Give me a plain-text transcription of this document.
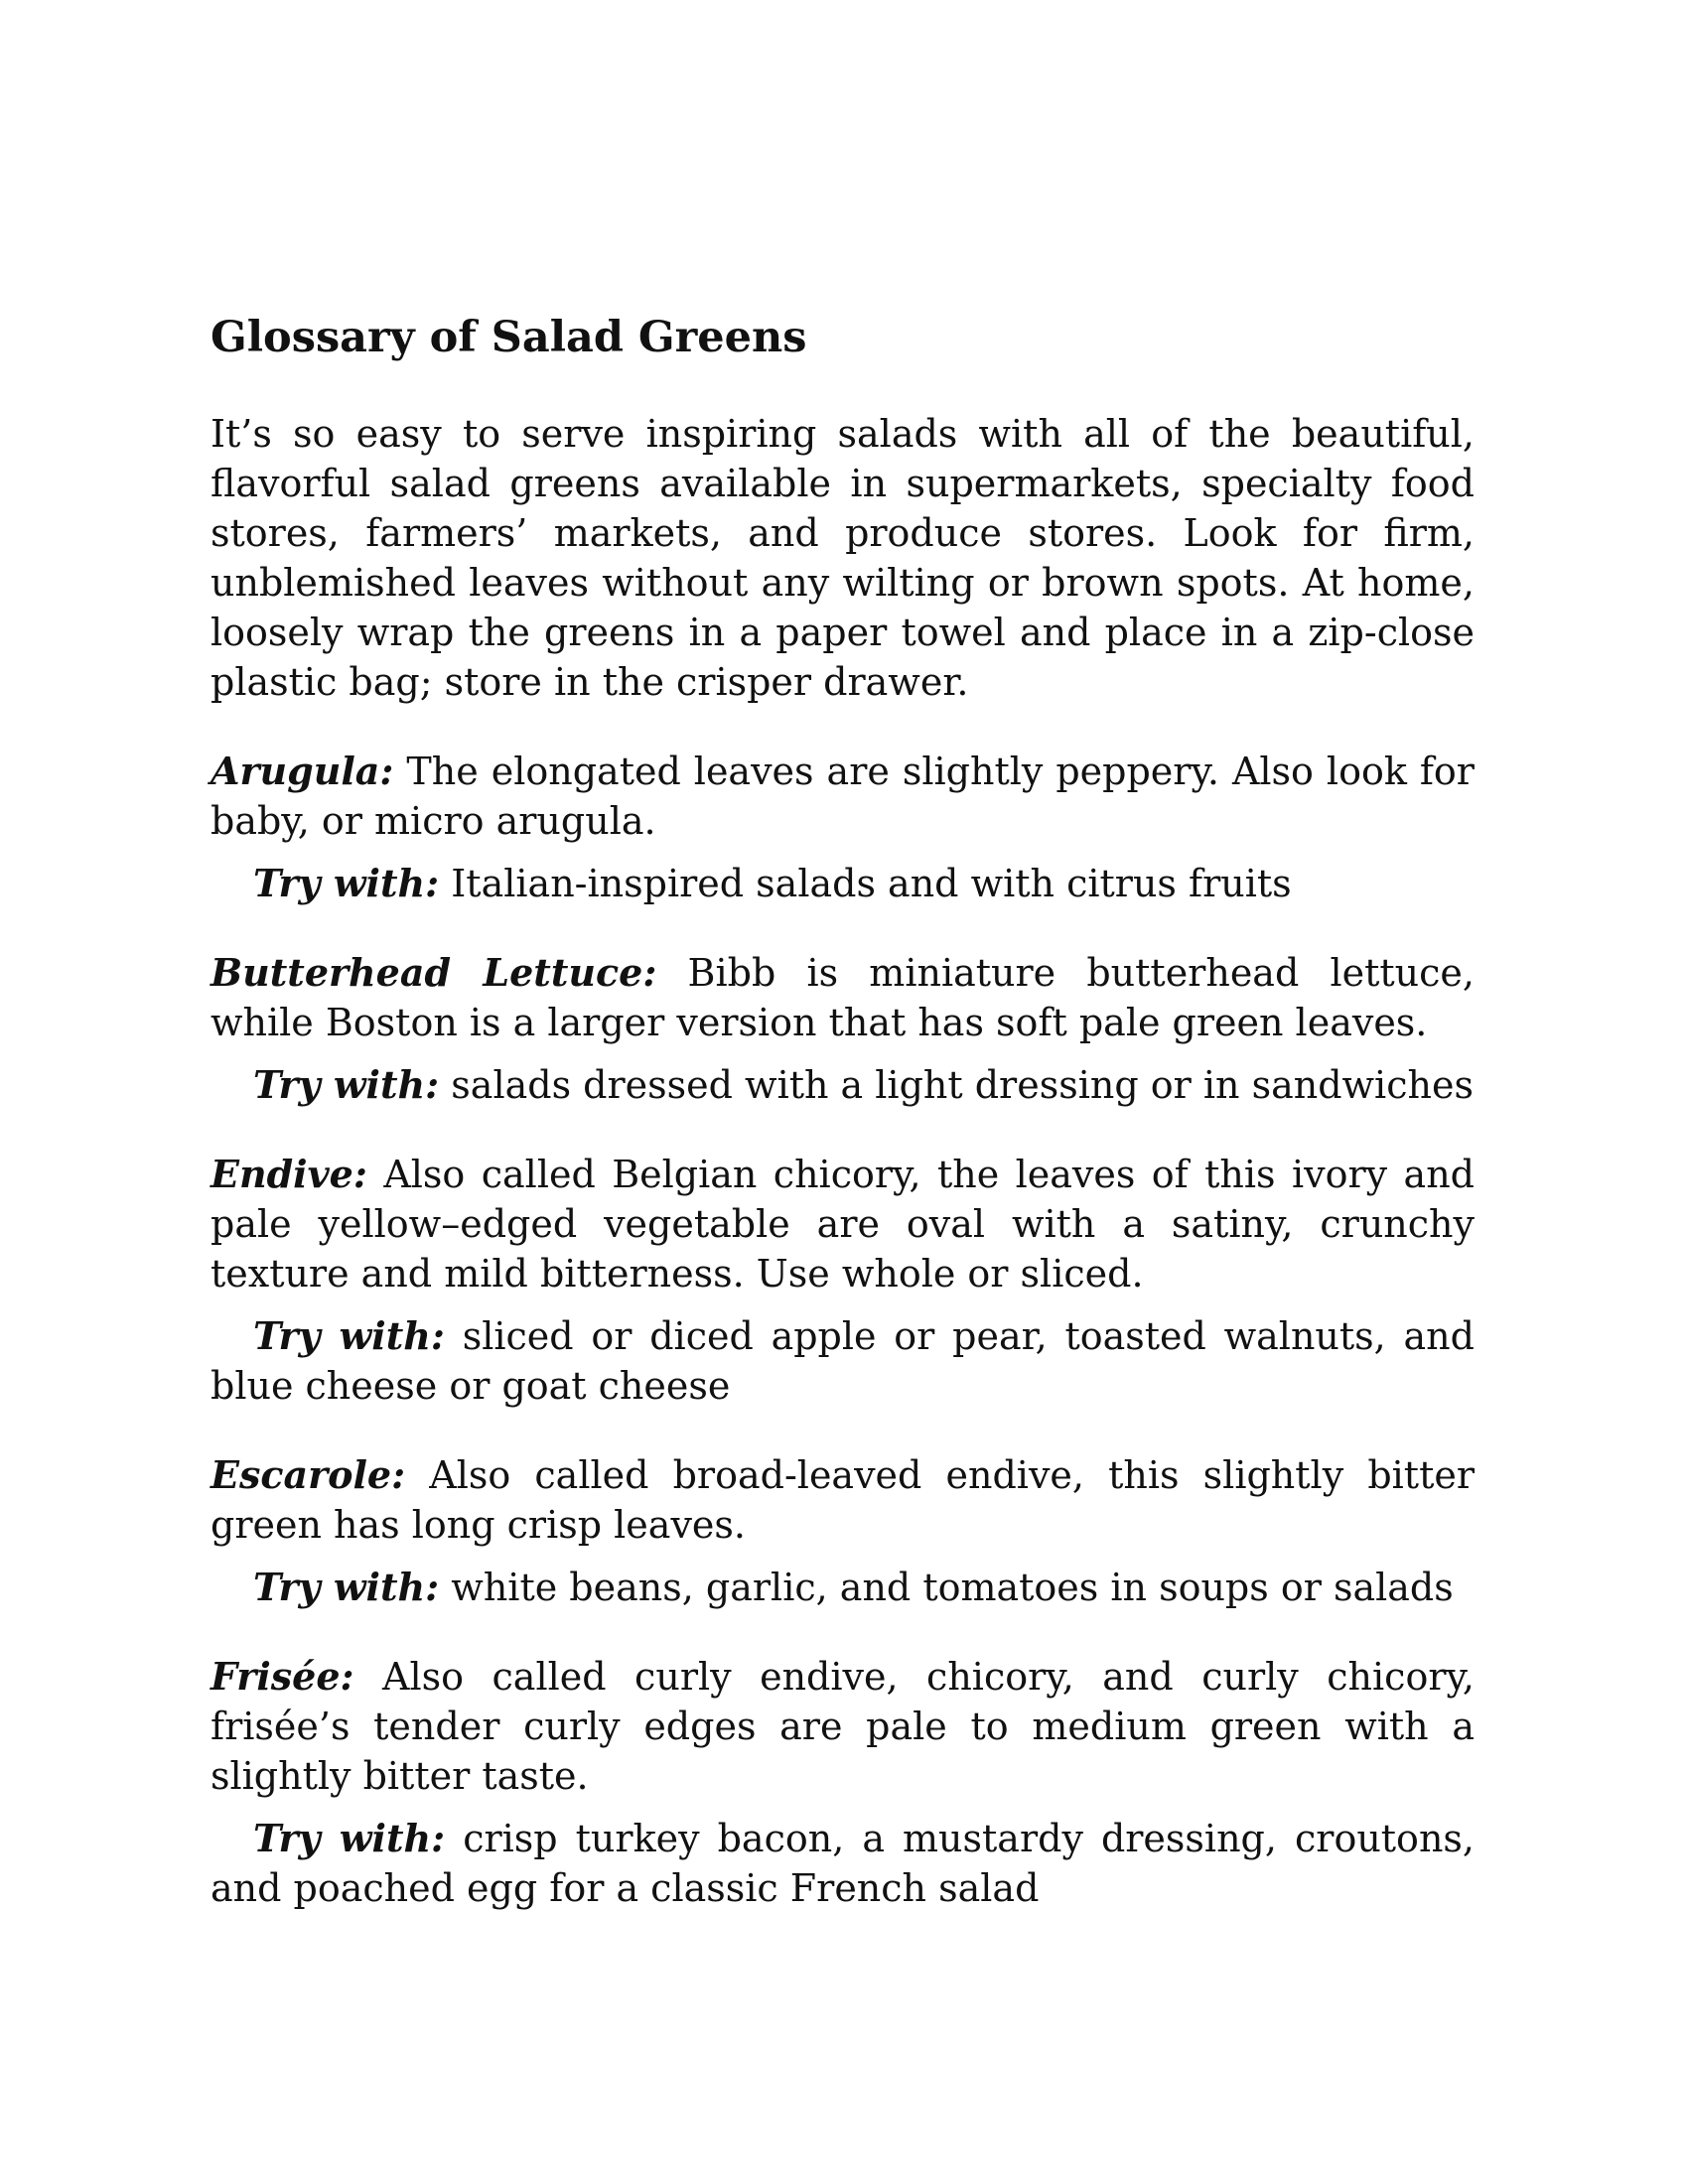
Glossary of Salad Greens

It’s so easy to serve inspiring salads with all of the beautiful, flavorful salad greens available in supermarkets, specialty food stores, farmers’ markets, and produce stores. Look for firm, unblemished leaves without any wilting or brown spots. At home, loosely wrap the greens in a paper towel and place in a zip-close plastic bag; store in the crisper drawer.

Arugula: The elongated leaves are slightly peppery. Also look for baby, or micro arugula.

Try with: Italian-inspired salads and with citrus fruits

Butterhead Lettuce: Bibb is miniature butterhead lettuce, while Boston is a larger version that has soft pale green leaves.

Try with: salads dressed with a light dressing or in sandwiches

Endive: Also called Belgian chicory, the leaves of this ivory and pale yellow–edged vegetable are oval with a satiny, crunchy texture and mild bitterness. Use whole or sliced.

Try with: sliced or diced apple or pear, toasted walnuts, and blue cheese or goat cheese

Escarole: Also called broad-leaved endive, this slightly bitter green has long crisp leaves.

Try with: white beans, garlic, and tomatoes in soups or salads

Frisée: Also called curly endive, chicory, and curly chicory, frisée’s tender curly edges are pale to medium green with a slightly bitter taste.

Try with: crisp turkey bacon, a mustardy dressing, croutons, and poached egg for a classic French salad
